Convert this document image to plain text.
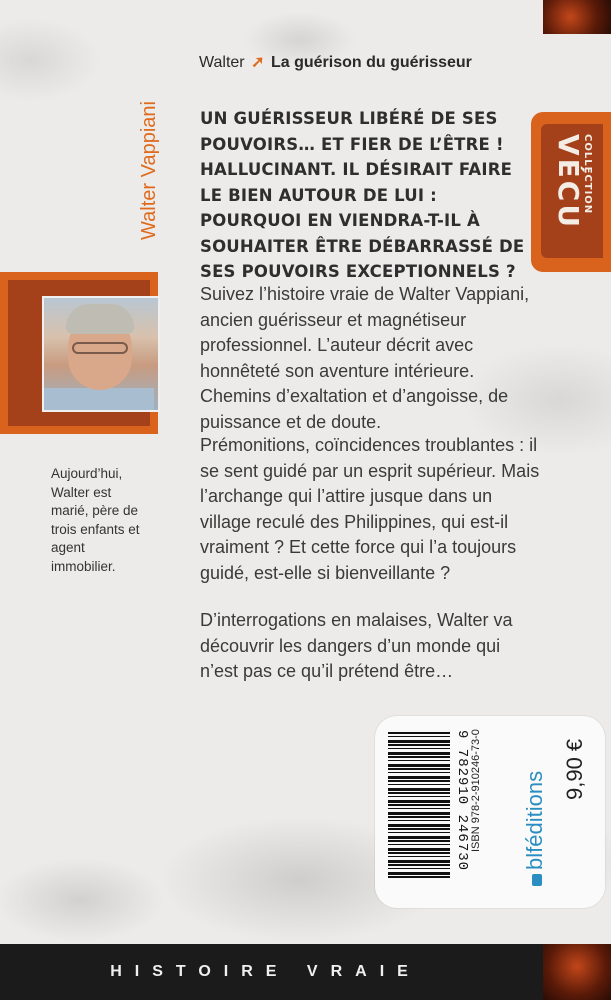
Walter Vappiani
Walter ➚ La guérison du guérisseur
UN GUÉRISSEUR LIBÉRÉ DE SES POUVOIRS… ET FIER DE L’ÊTRE ! HALLUCINANT. IL DÉSIRAIT FAIRE LE BIEN AUTOUR DE LUI : POURQUOI EN VIENDRA-T-IL À SOUHAITER ÊTRE DÉBARRASSÉ DE SES POUVOIRS EXCEPTIONNELS ?
Suivez l’histoire vraie de Walter Vappiani, ancien guérisseur et magnétiseur professionnel. L’auteur décrit avec honnêteté son aventure intérieure. Chemins d’exaltation et d’angoisse, de puissance et de doute.
Prémonitions, coïncidences troublantes : il se sent guidé par un esprit supérieur. Mais l’archange qui l’attire jusque dans un village reculé des Philippines, qui est-il vraiment ? Et cette force qui l’a toujours guidé, est-elle si bienveillante ?
D’interrogations en malaises, Walter va découvrir les dangers d’un monde qui n’est pas ce qu’il prétend être…
COLLECTION
VÉCU
Aujourd’hui, Walter est marié, père de trois enfants et agent immobilier.
9 782910 246730 ISBN 978-2-910246-73-0 blféditions
9,90 €
HISTOIRE VRAIE
